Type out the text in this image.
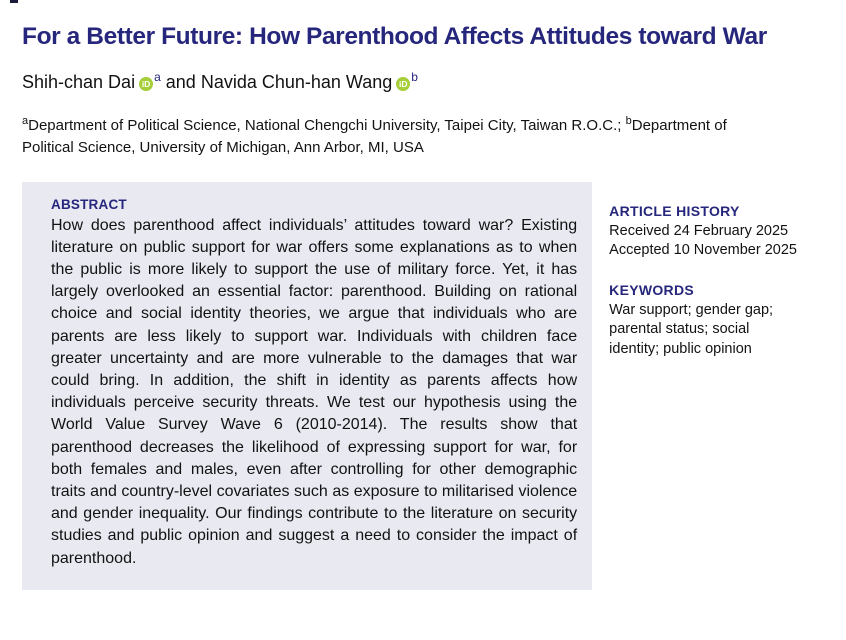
For a Better Future: How Parenthood Affects Attitudes toward War

Shih-chan Dai iD $^a$ and Navida Chun-han Wang iD $^b$

$^a$Department of Political Science, National Chengchi University, Taipei City, Taiwan R.O.C.; $^b$Department of Political Science, University of Michigan, Ann Arbor, MI, USA

ABSTRACT

How does parenthood affect individuals’ attitudes toward war? Existing literature on public support for war offers some explanations as to when the public is more likely to support the use of military force. Yet, it has largely overlooked an essential factor: parenthood. Building on rational choice and social identity theories, we argue that individuals who are parents are less likely to support war. Individuals with children face greater uncertainty and are more vulnerable to the damages that war could bring. In addition, the shift in identity as parents affects how individuals perceive security threats. We test our hypothesis using the World Value Survey Wave 6 (2010-2014). The results show that parenthood decreases the likelihood of expressing support for war, for both females and males, even after controlling for other demographic traits and country-level covariates such as exposure to militarised violence and gender inequality. Our findings contribute to the literature on security studies and public opinion and suggest a need to consider the impact of parenthood.

ARTICLE HISTORY

Received 24 February 2025

Accepted 10 November 2025

KEYWORDS

War support; gender gap; parental status; social identity; public opinion
